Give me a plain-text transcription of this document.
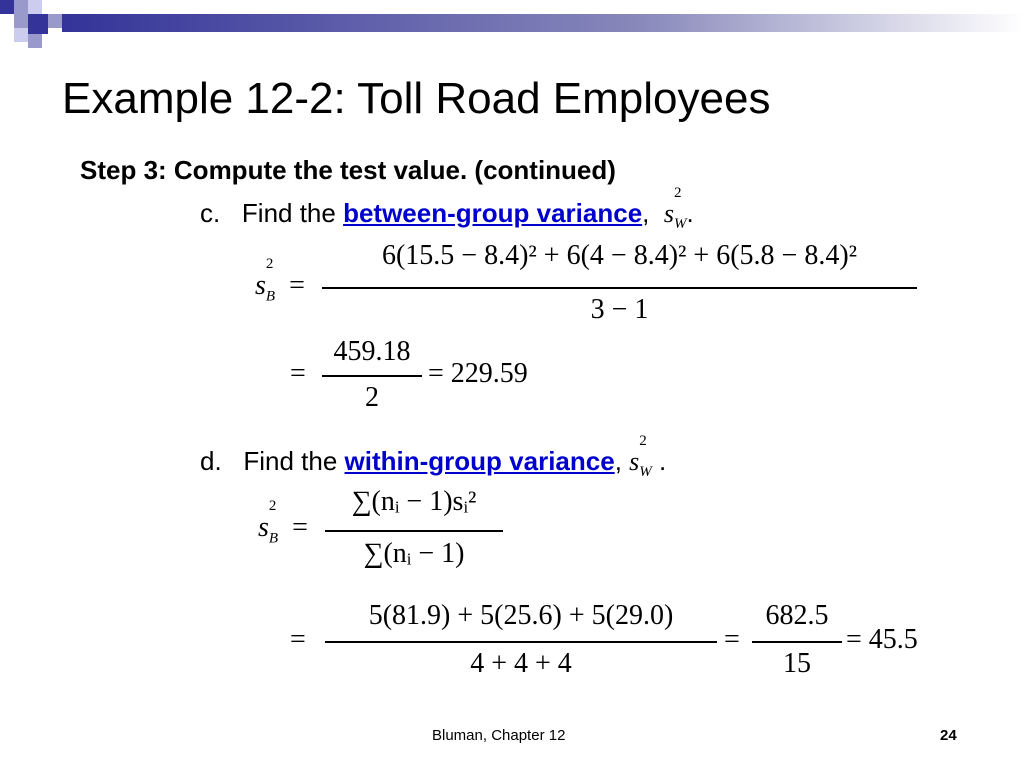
Example 12-2: Toll Road Employees
Step 3: Compute the test value. (continued)
c. Find the between-group variance, s
2
$_W$.
s
2
$_B$ =
6(15.5 − 8.4)² + 6(4 − 8.4)² + 6(5.8 − 8.4)²
3 − 1
=
459.18
2
= 229.59
d. Find the within-group variance, s
2
$_W$ .
s
2
$_B$ =
∑(nᵢ − 1)sᵢ²
∑(nᵢ − 1)
=
5(81.9) + 5(25.6) + 5(29.0)
4 + 4 + 4
=
682.5
15
= 45.5
Bluman, Chapter 12	24
